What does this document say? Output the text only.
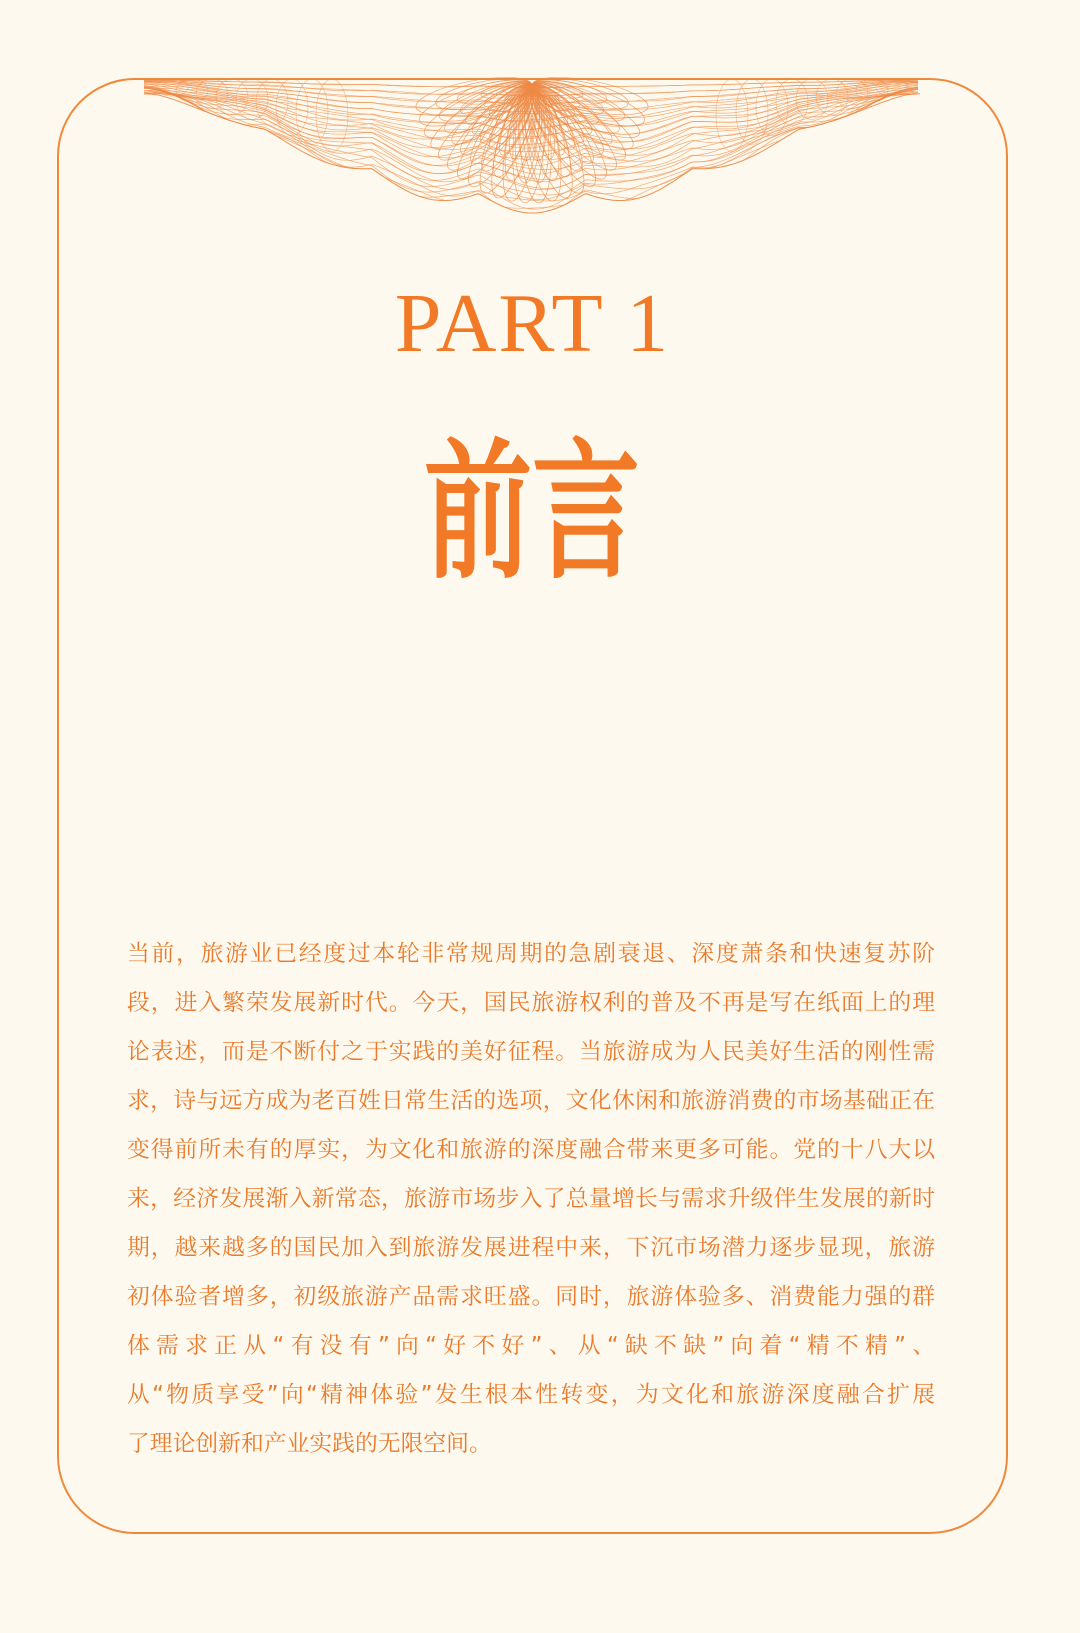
PART 1
前言
当前，旅游业已经度过本轮非常规周期的急剧衰退、深度萧条和快速复苏阶
段，进入繁荣发展新时代。今天，国民旅游权利的普及不再是写在纸面上的理
论表述，而是不断付之于实践的美好征程。当旅游成为人民美好生活的刚性需
求，诗与远方成为老百姓日常生活的选项，文化休闲和旅游消费的市场基础正在
变得前所未有的厚实，为文化和旅游的深度融合带来更多可能。党的十八大以
来，经济发展渐入新常态，旅游市场步入了总量增长与需求升级伴生发展的新时
期，越来越多的国民加入到旅游发展进程中来，下沉市场潜力逐步显现，旅游
初体验者增多，初级旅游产品需求旺盛。同时，旅游体验多、消费能力强的群
体需求正从“有没有”向“好不好”、从“缺不缺”向着“精不精”、
从“物质享受”向“精神体验”发生根本性转变，为文化和旅游深度融合扩展
了理论创新和产业实践的无限空间。
